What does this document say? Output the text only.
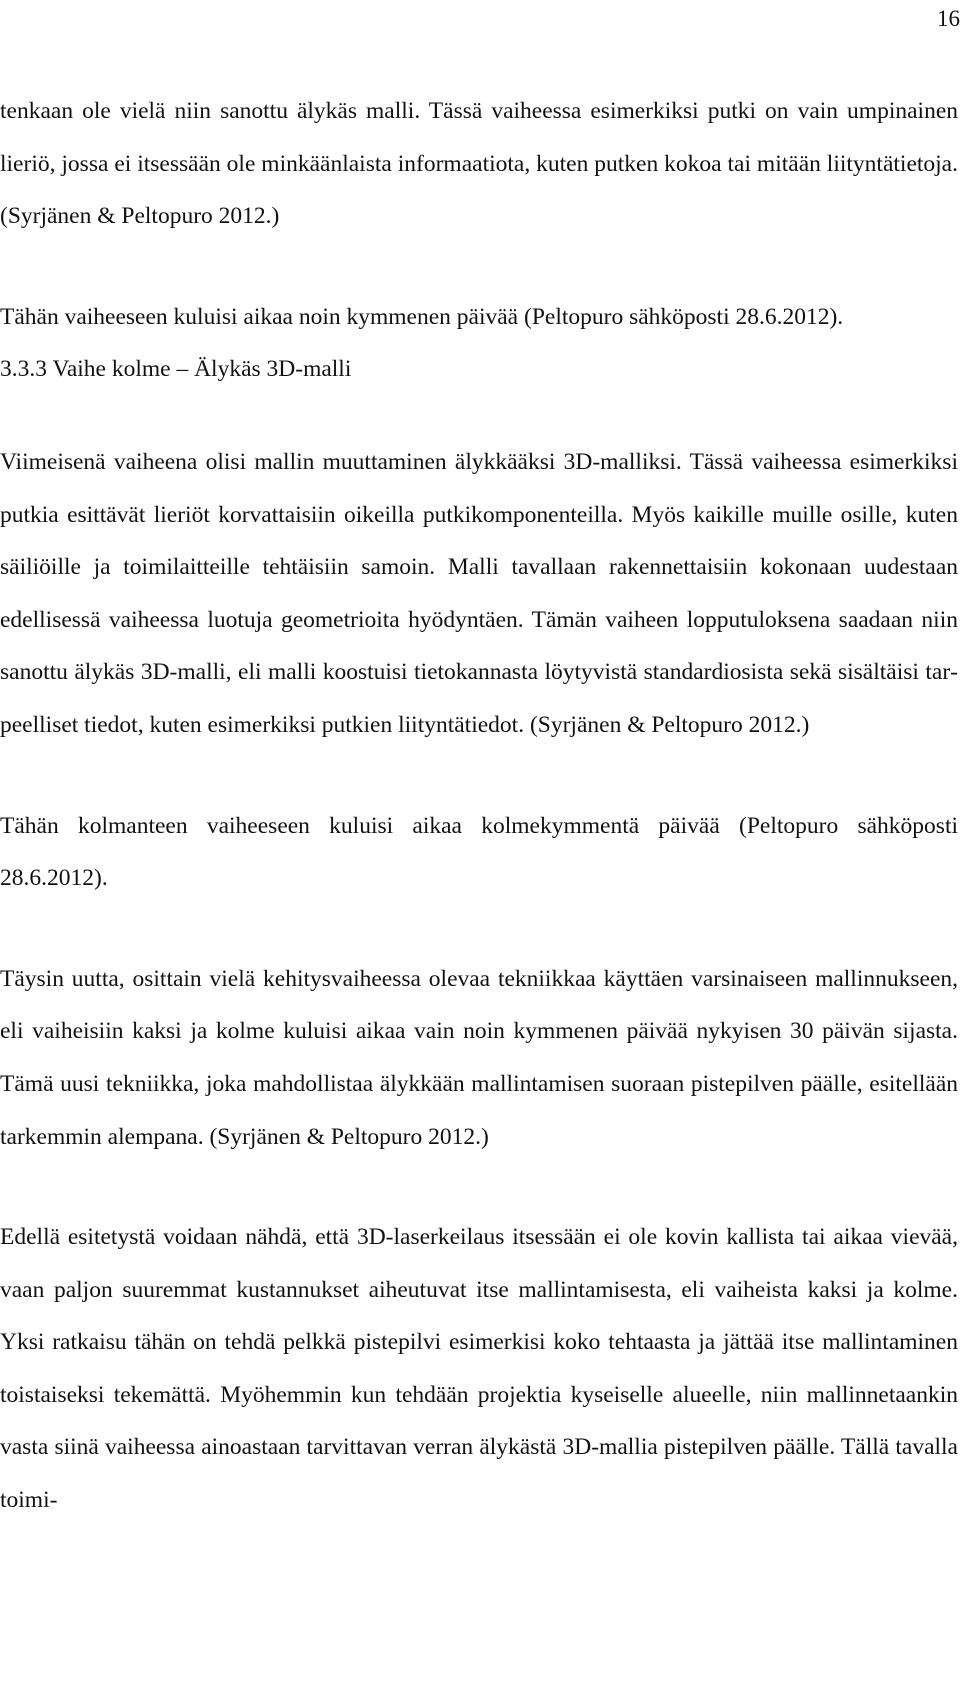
16

tenkaan ole vielä niin sanottu älykäs malli. Tässä vaiheessa esimerkiksi putki on vain umpinainen lieriö, jossa ei itsessään ole minkäänlaista informaatiota, kuten putken kokoa tai mitään liityntätietoja. (Syrjänen & Peltopuro 2012.)

Tähän vaiheeseen kuluisi aikaa noin kymmenen päivää (Peltopuro sähköposti 28.6.2012).

3.3.3 Vaihe kolme – Älykäs 3D-malli

Viimeisenä vaiheena olisi mallin muuttaminen älykkääksi 3D-malliksi. Tässä vaiheessa esimerkiksi putkia esittävät lieriöt korvattaisiin oikeilla putkikomponenteilla. Myös kaikille muille osille, kuten säiliöille ja toimilaitteille tehtäisiin samoin. Malli tavallaan rakennettaisiin kokonaan uudestaan edellisessä vaiheessa luotuja geometrioita hyödyntäen. Tämän vaiheen lopputuloksena saadaan niin sanottu älykäs 3D-malli, eli malli koostuisi tietokannasta löytyvistä standardiosista sekä sisältäisi tarpeelliset tiedot, kuten esimerkiksi putkien liityntätiedot. (Syrjänen & Peltopuro 2012.)

Tähän kolmanteen vaiheeseen kuluisi aikaa kolmekymmentä päivää (Peltopuro sähköposti 28.6.2012).

Täysin uutta, osittain vielä kehitysvaiheessa olevaa tekniikkaa käyttäen varsinaiseen mallinnukseen, eli vaiheisiin kaksi ja kolme kuluisi aikaa vain noin kymmenen päivää nykyisen 30 päivän sijasta. Tämä uusi tekniikka, joka mahdollistaa älykkään mallintamisen suoraan pistepilven päälle, esitellään tarkemmin alempana. (Syrjänen & Peltopuro 2012.)

Edellä esitetystä voidaan nähdä, että 3D-laserkeilaus itsessään ei ole kovin kallista tai aikaa vievää, vaan paljon suuremmat kustannukset aiheutuvat itse mallintamisesta, eli vaiheista kaksi ja kolme. Yksi ratkaisu tähän on tehdä pelkkä pistepilvi esimerkisi koko tehtaasta ja jättää itse mallintaminen toistaiseksi tekemättä. Myöhemmin kun tehdään projektia kyseiselle alueelle, niin mallinnetaankin vasta siinä vaiheessa ainoastaan tarvittavan verran älykästä 3D-mallia pistepilven päälle. Tällä tavalla toimi-
